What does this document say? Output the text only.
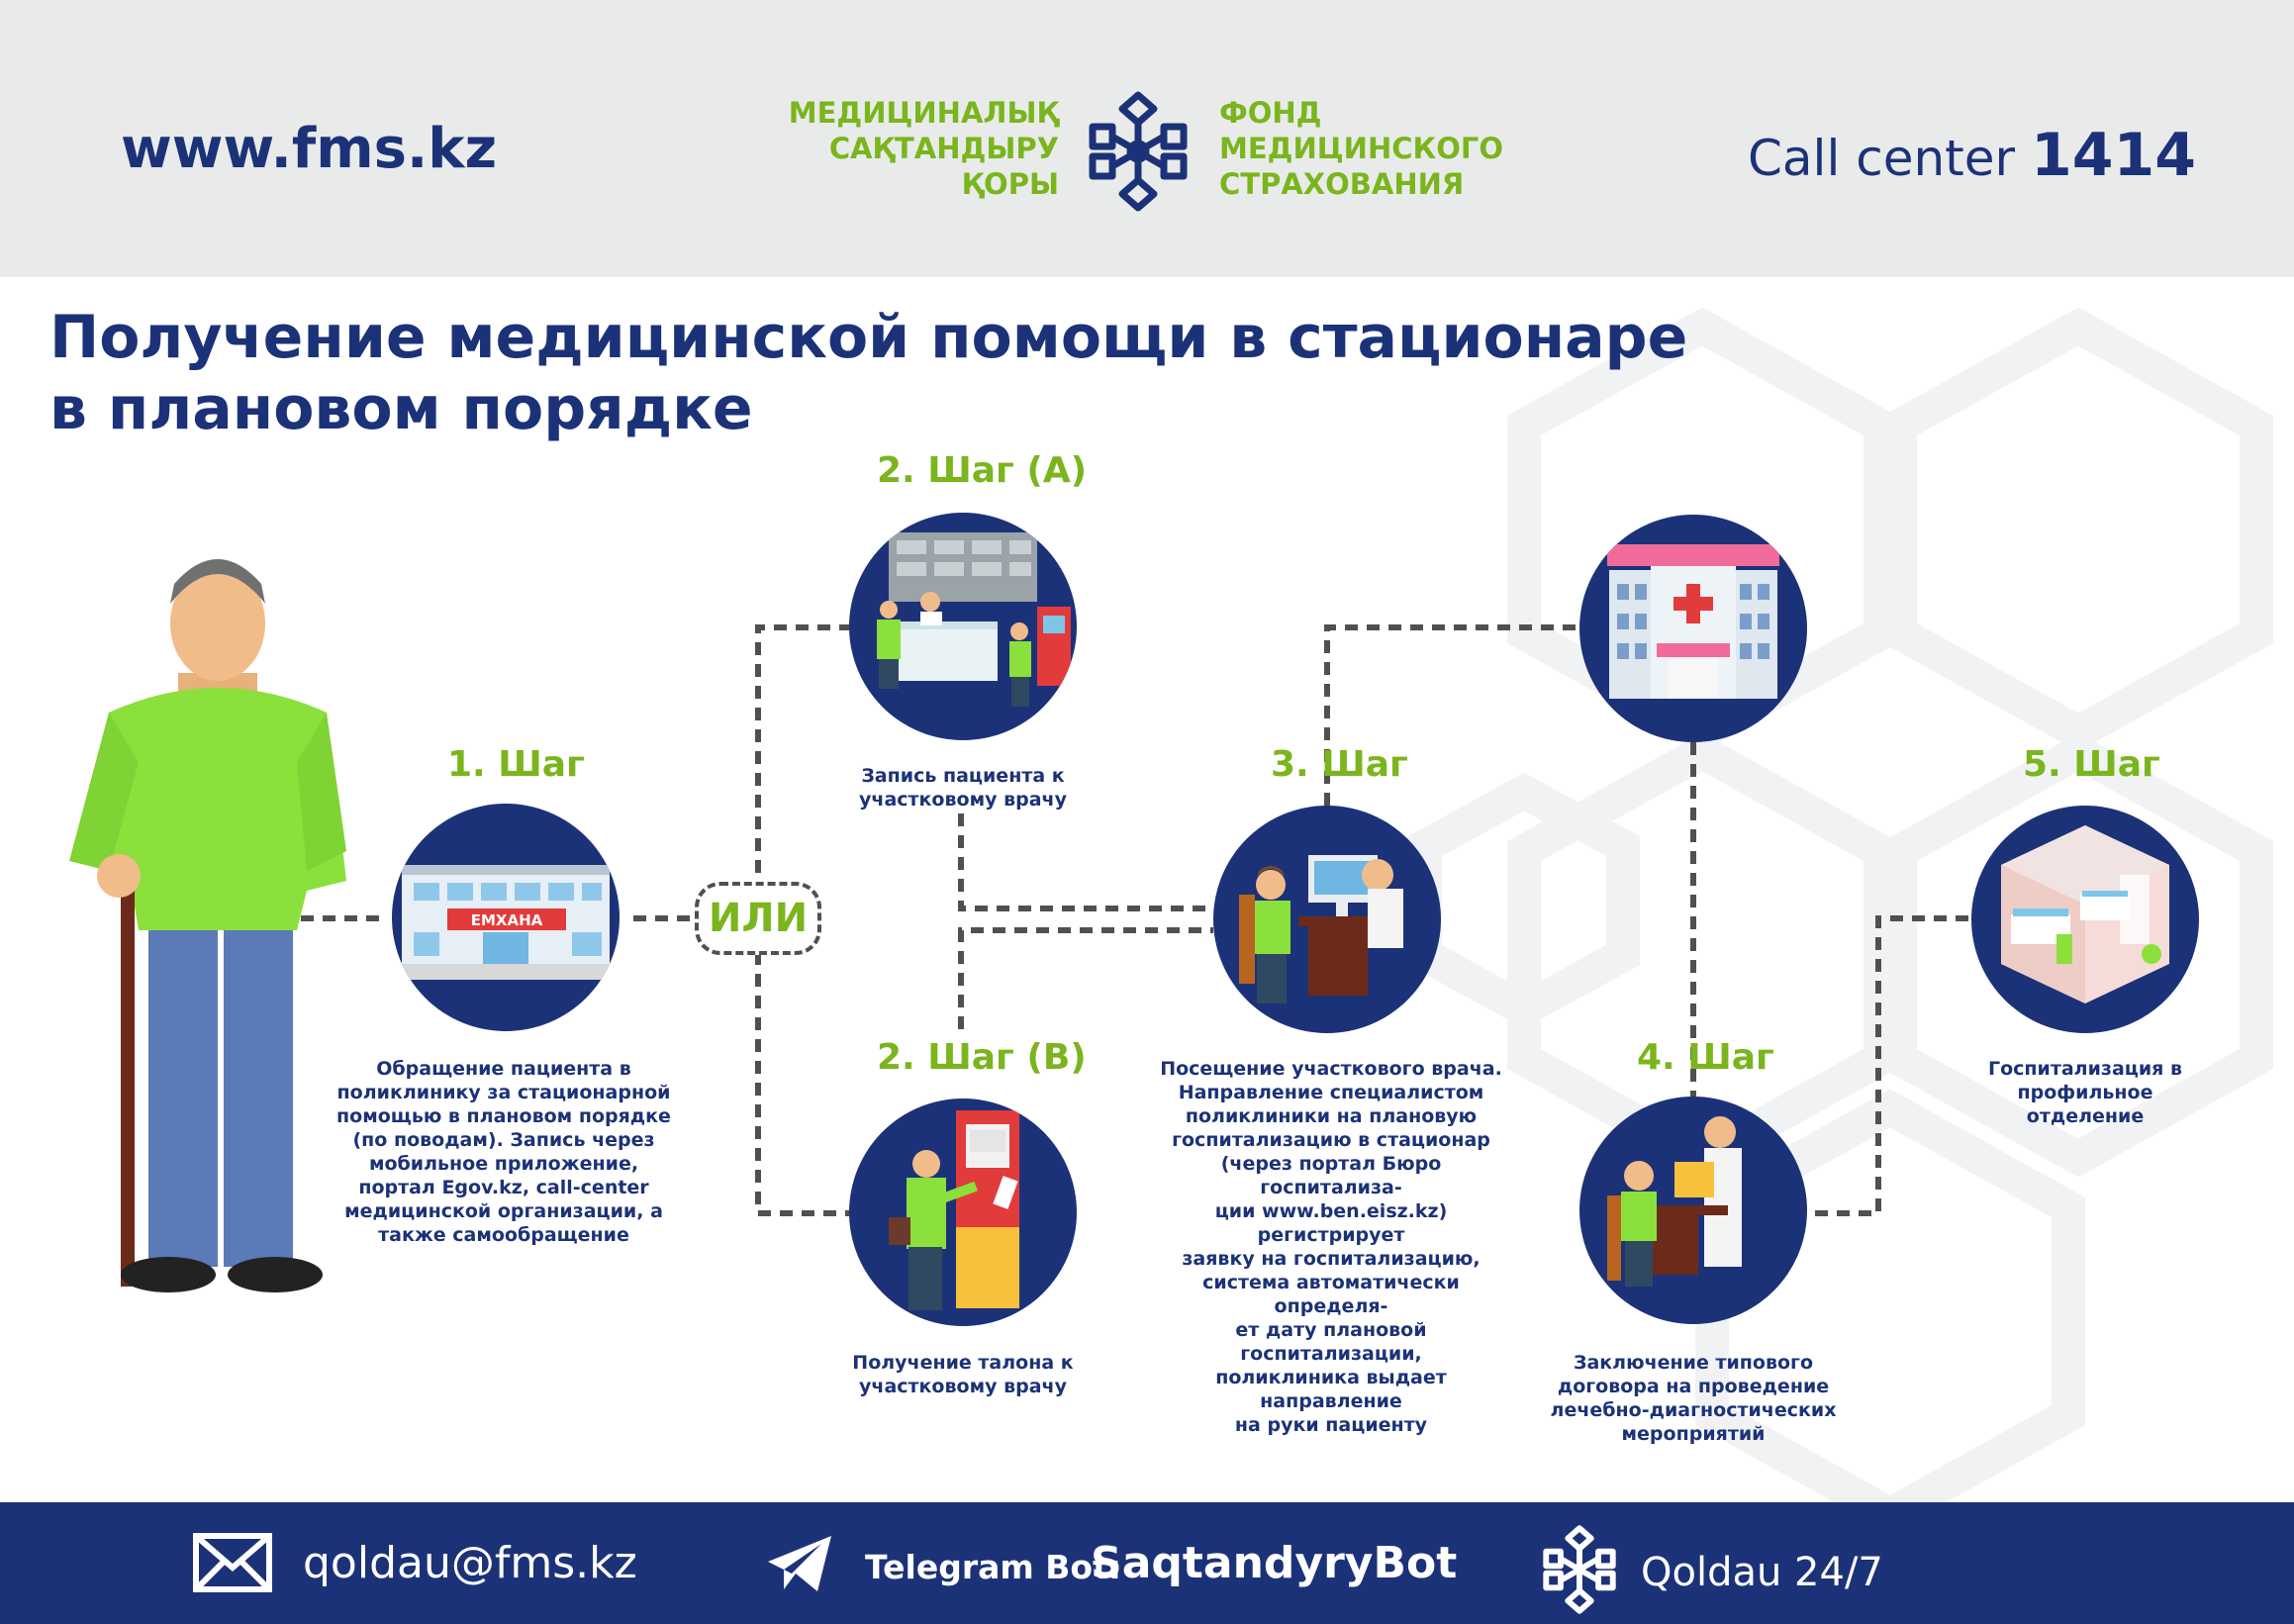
www.fms.kz
МЕДИЦИНАЛЫҚ
САҚТАНДЫРУ
ҚОРЫ
ФОНД
МЕДИЦИНСКОГО
СТРАХОВАНИЯ	Call center 1414
Получение медицинской помощи в стационаре
в плановом порядке
1. Шаг
ЕМХАНА
Обращение пациента в
поликлинику за стационарной
помощью в плановом порядке
(по поводам). Запись через
мобильное приложение,
портал Egov.kz, call-center
медицинской организации, а
также самообращение
ИЛИ
2. Шаг (А)
Запись пациента к
участковому врачу
2. Шаг (В)
Получение талона к
участковому врачу
3. Шаг
Посещение участкового врача.
Направление специалистом
поликлиники на плановую
госпитализацию в стационар
(через портал Бюро госпитализа-
ции www.ben.eisz.kz) регистрирует
заявку на госпитализацию,
система автоматически определя-
ет дату плановой госпитализации,
поликлиника выдает направление
на руки пациенту
4. Шаг
Заключение типового
договора на проведение
лечебно-диагностических
мероприятий
5. Шаг
Госпитализация в
профильное
отделение
qoldau@fms.kz	Telegram Bot:
SaqtandyryBot	Qoldau 24/7
